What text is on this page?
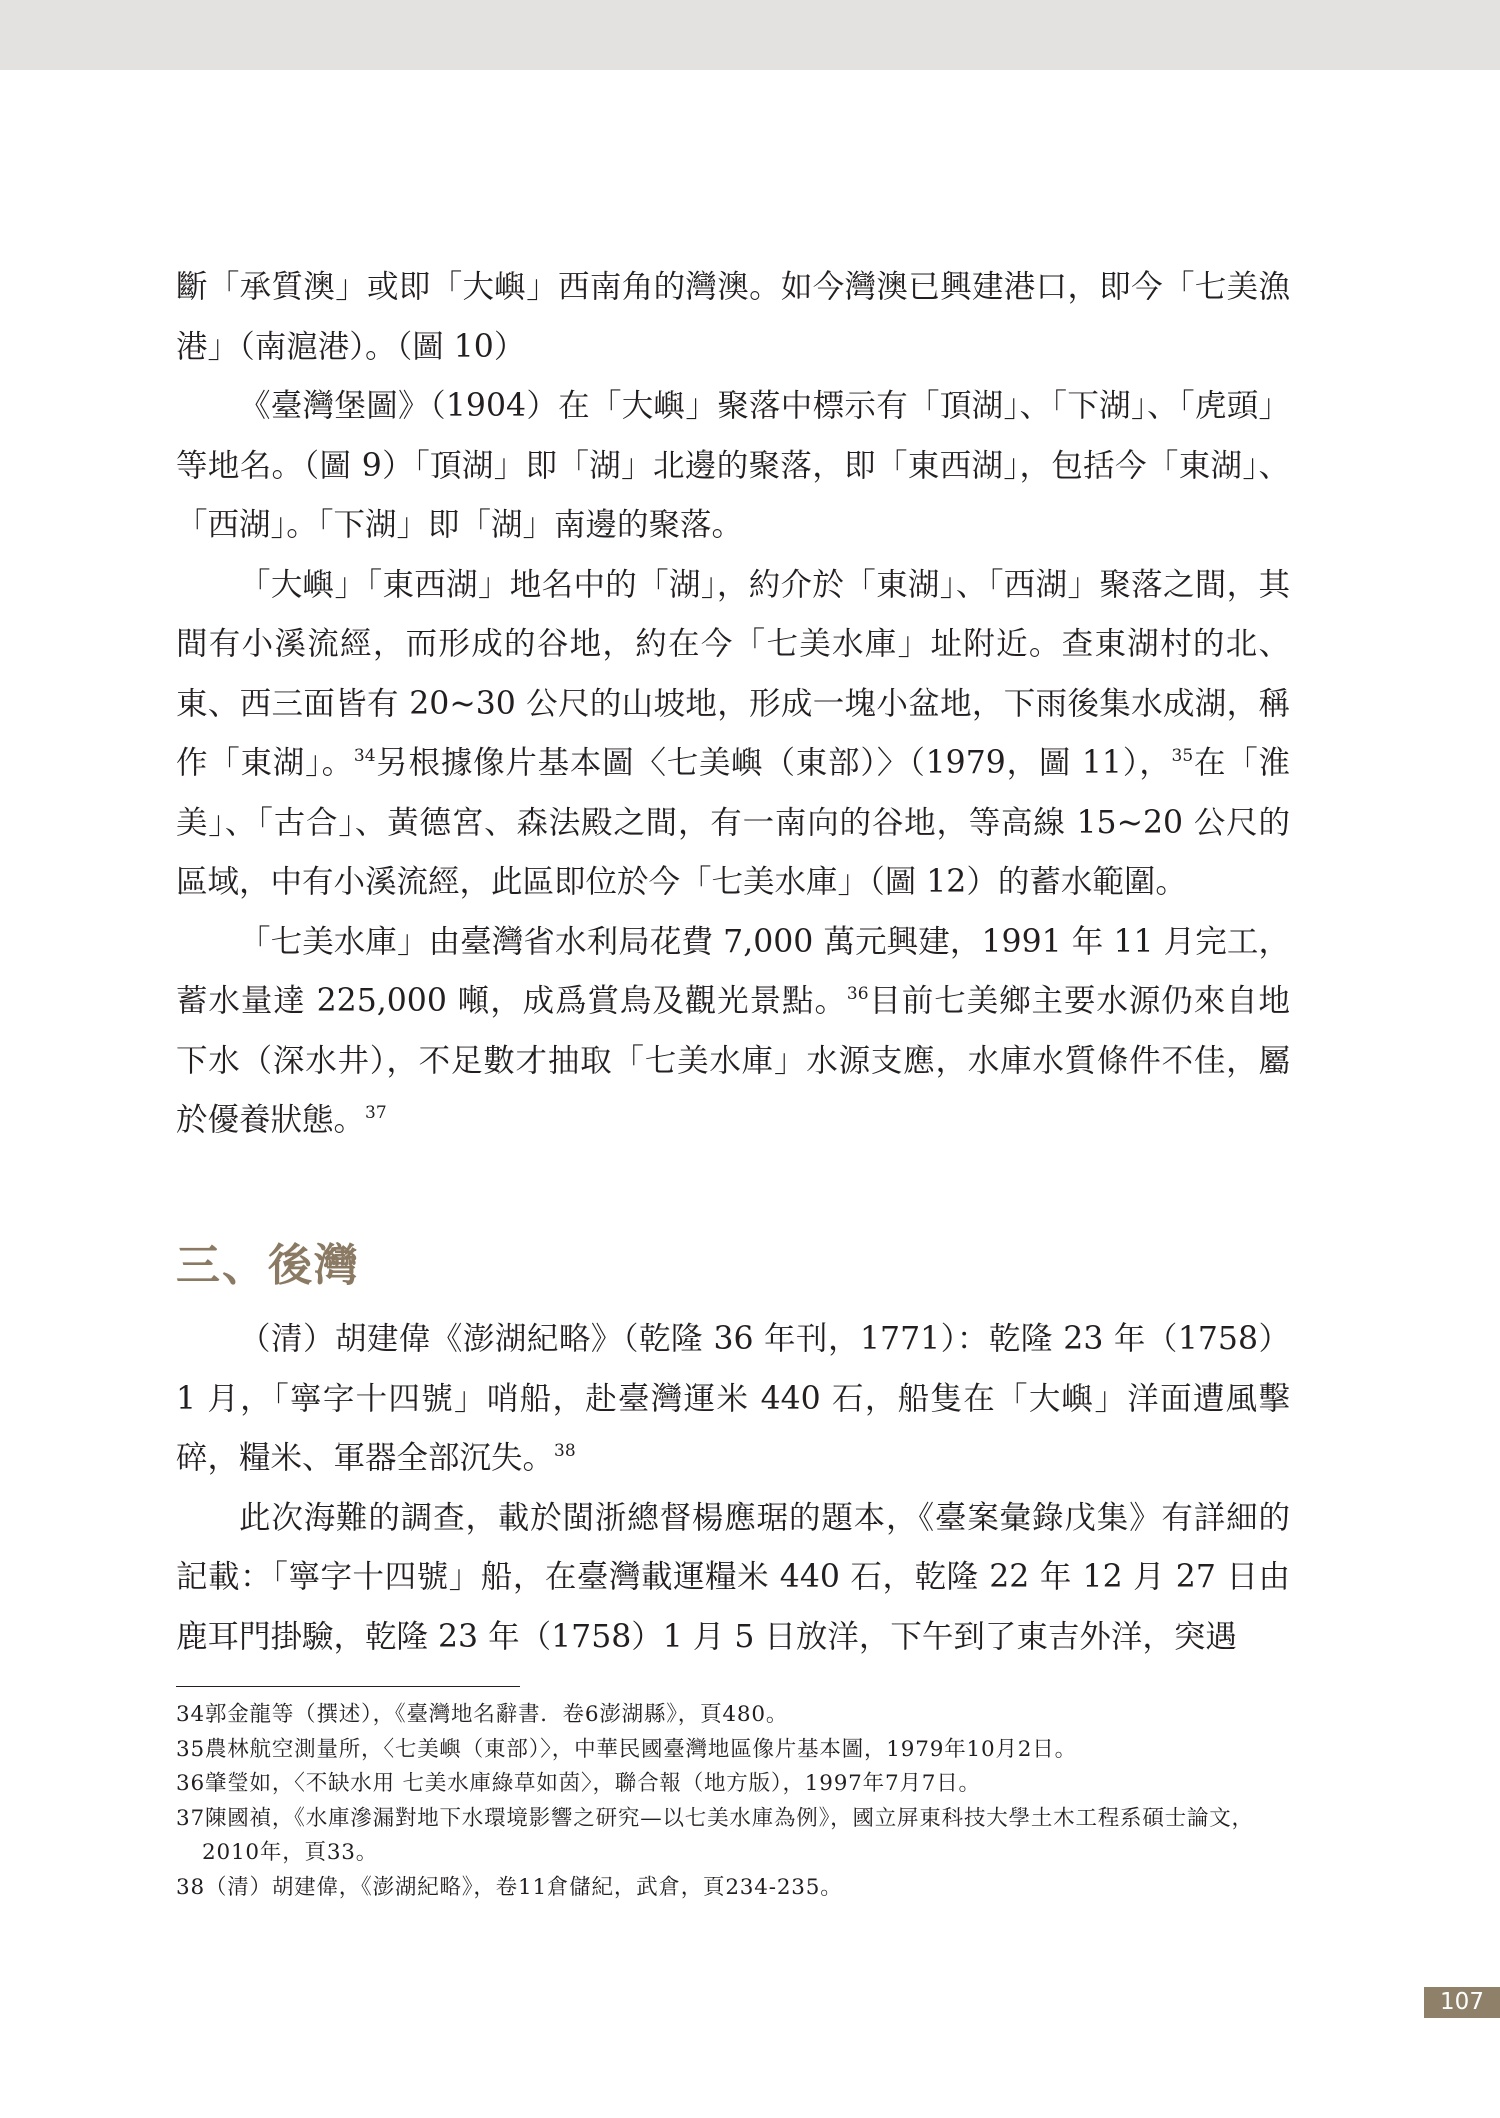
斷「承質澳」或即「大嶼」西南角的灣澳。如今灣澳已興建港口，即今「七美漁港」（南滬港）。（圖 10）

《臺灣堡圖》（1904）在「大嶼」聚落中標示有「頂湖」、「下湖」、「虎頭」等地名。（圖 9）「頂湖」即「湖」北邊的聚落，即「東西湖」，包括今「東湖」、「西湖」。「下湖」即「湖」南邊的聚落。

「大嶼」「東西湖」地名中的「湖」，約介於「東湖」、「西湖」聚落之間，其間有小溪流經，而形成的谷地，約在今「七美水庫」址附近。查東湖村的北、東、西三面皆有 20~30 公尺的山坡地，形成一塊小盆地，下雨後集水成湖，稱作「東湖」。$^{34}$另根據像片基本圖〈七美嶼（東部）〉（1979，圖 11），$^{35}$在「淮美」、「古合」、黃德宮、森法殿之間，有一南向的谷地，等高線 15~20 公尺的區域，中有小溪流經，此區即位於今「七美水庫」（圖 12）的蓄水範圍。

「七美水庫」由臺灣省水利局花費 7,000 萬元興建，1991 年 11 月完工，蓄水量達 225,000 噸，成爲賞鳥及觀光景點。$^{36}$目前七美鄉主要水源仍來自地下水（深水井），不足數才抽取「七美水庫」水源支應，水庫水質條件不佳，屬於優養狀態。$^{37}$

三、後灣

（清）胡建偉《澎湖紀略》（乾隆 36 年刊，1771）：乾隆 23 年（1758）1 月，「寧字十四號」哨船，赴臺灣運米 440 石，船隻在「大嶼」洋面遭風擊碎，糧米、軍器全部沉失。$^{38}$

此次海難的調查，載於閩浙總督楊應琚的題本，《臺案彙錄戊集》有詳細的記載：「寧字十四號」船，在臺灣載運糧米 440 石，乾隆 22 年 12 月 27 日由鹿耳門掛驗，乾隆 23 年（1758）1 月 5 日放洋，下午到了東吉外洋，突遇

34郭金龍等（撰述），《臺灣地名辭書．卷6澎湖縣》，頁480。

35農林航空測量所，〈七美嶼（東部）〉，中華民國臺灣地區像片基本圖，1979年10月2日。

36肇瑩如，〈不缺水用 七美水庫綠草如茵〉，聯合報（地方版），1997年7月7日。

37陳國禎，《水庫滲漏對地下水環境影響之研究—以七美水庫為例》，國立屏東科技大學土木工程系碩士論文，2010年，頁33。

38（清）胡建偉，《澎湖紀略》，卷11倉儲紀，武倉，頁234-235。

107
